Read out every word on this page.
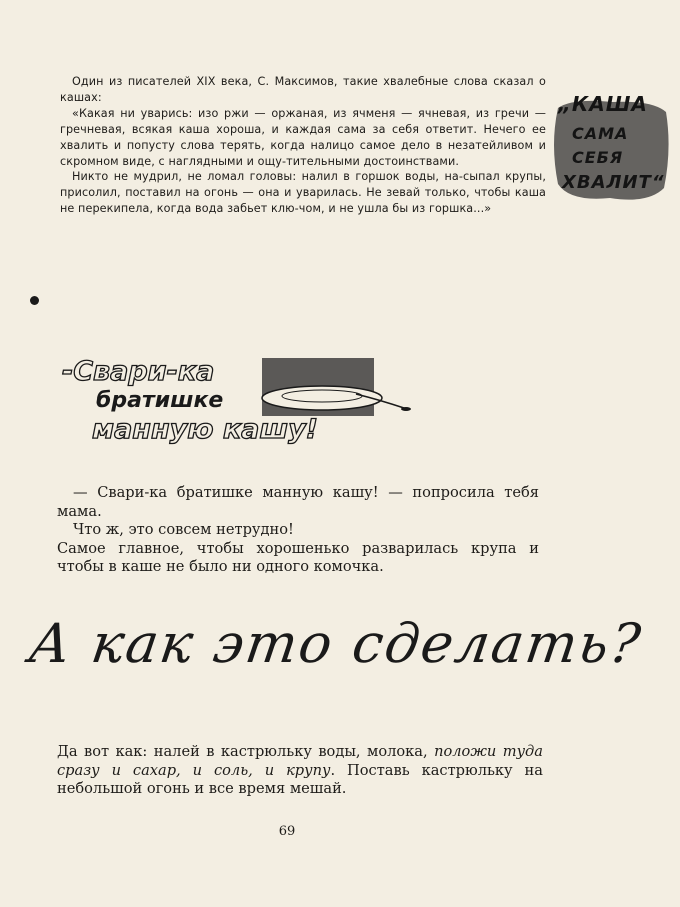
Один из писателей XIX века, С. Максимов, такие хвалебные слова сказал о кашах:

«Какая ни уварись: изо ржи — оржаная, из ячменя — ячневая, из гречи — гречневая, всякая каша хороша, и каждая сама за себя ответит. Нечего ее хвалить и попусту слова терять, когда налицо самое дело в незатейливом и скромном виде, с наглядными и ощу-тительными достоинствами.

Никто не мудрил, не ломал головы: налил в горшок воды, на-сыпал крупы, присолил, поставил на огонь — она и уварилась. Не зевай только, чтобы каша не перекипела, когда вода забьет клю-чом, и не ушла бы из горшка...»

„КАША
САМА
СЕБЯ
ХВАЛИТ“
-Свари-ка
братишке
манную кашу!

— Свари-ка братишке манную кашу! — попросила тебя мама.

Что ж, это совсем нетрудно!

Самое главное, чтобы хорошенько разварилась крупа и чтобы в каше не было ни одного комочка.

А как это сделать?

Да вот как: налей в кастрюльку воды, молока, положи туда сразу и сахар, и соль, и крупу. Поставь кастрюльку на небольшой огонь и все время мешай.

69
